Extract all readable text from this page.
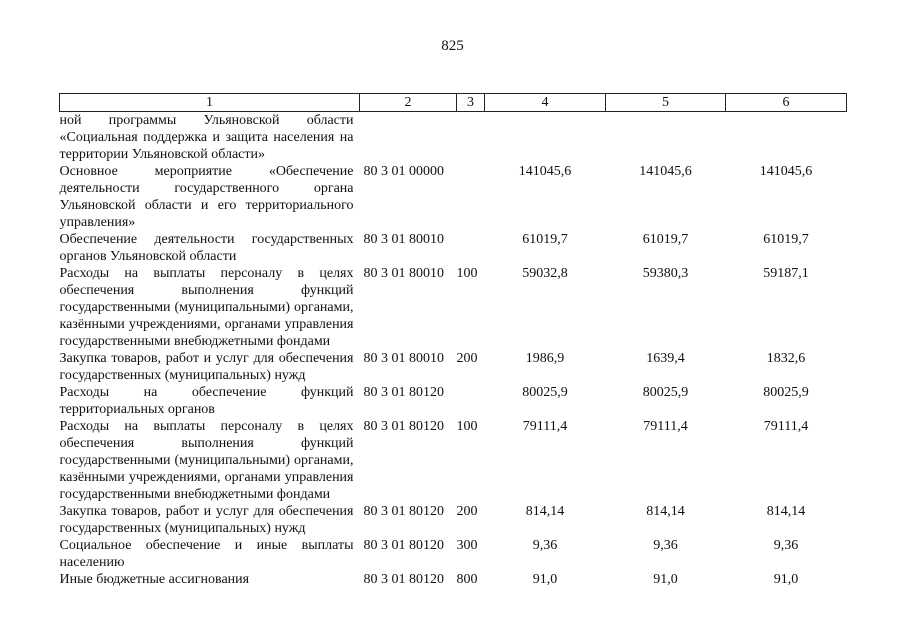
825
1	2	3	4	5	6
ной программы Ульяновской области «Социальная поддержка и защита населения на территории Ульяновской области»					
Основное мероприятие «Обеспечение деятельности государственного органа Ульяновской области и его территориального управления»	80 3 01 00000		141045,6	141045,6	141045,6
Обеспечение деятельности государственных органов Ульяновской области	80 3 01 80010		61019,7	61019,7	61019,7
Расходы на выплаты персоналу в целях обеспечения выполнения функций государственными (муниципальными) органами, казёнными учреждениями, органами управления государственными внебюджетными фондами	80 3 01 80010	100	59032,8	59380,3	59187,1
Закупка товаров, работ и услуг для обеспечения государственных (муниципальных) нужд	80 3 01 80010	200	1986,9	1639,4	1832,6
Расходы на обеспечение функций территориальных органов	80 3 01 80120		80025,9	80025,9	80025,9
Расходы на выплаты персоналу в целях обеспечения выполнения функций государственными (муниципальными) органами, казёнными учреждениями, органами управления государственными внебюджетными фондами	80 3 01 80120	100	79111,4	79111,4	79111,4
Закупка товаров, работ и услуг для обеспечения государственных (муниципальных) нужд	80 3 01 80120	200	814,14	814,14	814,14
Социальное обеспечение и иные выплаты населению	80 3 01 80120	300	9,36	9,36	9,36
Иные бюджетные ассигнования	80 3 01 80120	800	91,0	91,0	91,0
